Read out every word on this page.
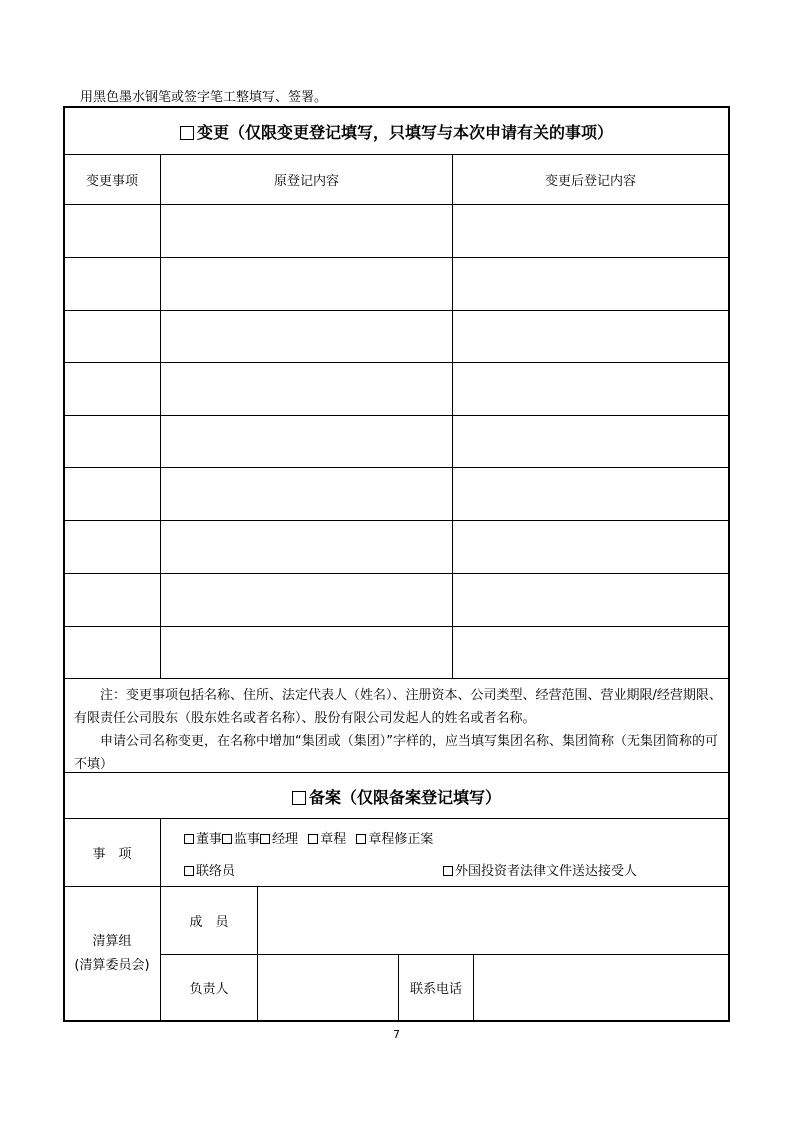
用黑色墨水钢笔或签字笔工整填写、签署。
变更（仅限变更登记填写，只填写与本次申请有关的事项）
变更事项	原登记内容	变更后登记内容

注：变更事项包括名称、住所、法定代表人（姓名）、注册资本、公司类型、经营范围、营业期限/经营期限、有限责任公司股东（股东姓名或者名称）、股份有限公司发起人的姓名或者名称。

申请公司名称变更，在名称中增加“集团或（集团）”字样的，应当填写集团名称、集团简称（无集团简称的可不填）

备案（仅限备案登记填写）
事　项
董事 监事 经理 章程 章程修正案
联络员	外国投资者法律文件送达接受人
清算组
(清算委员会)
成　员
负责人	联系电话
7
